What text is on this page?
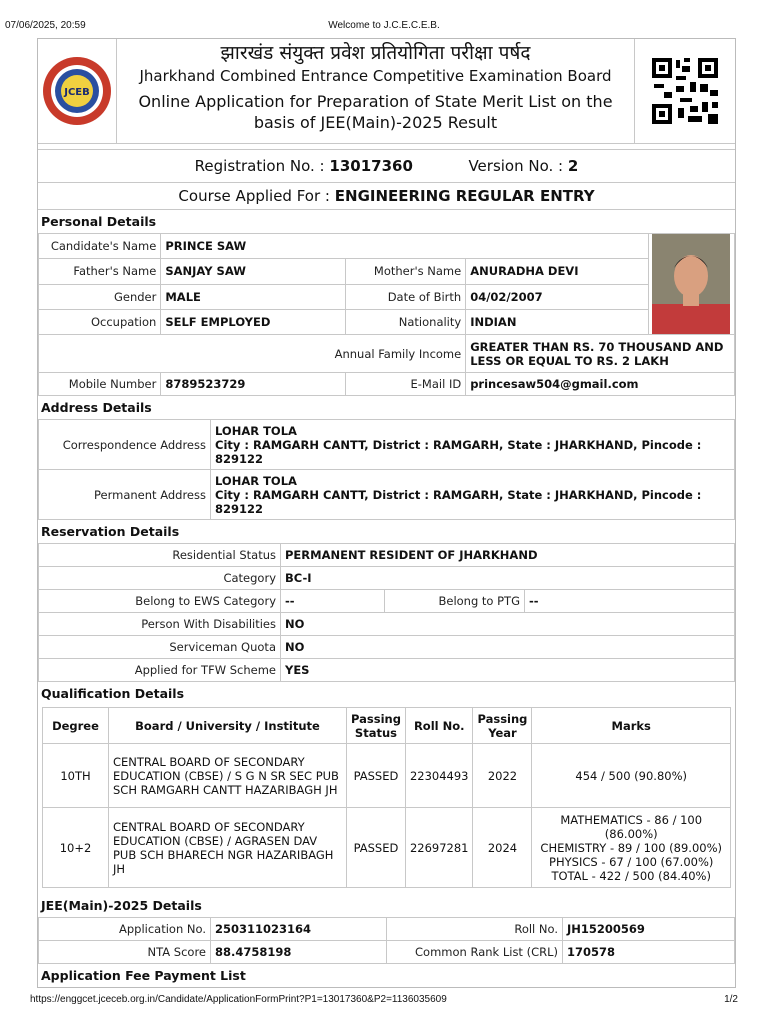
07/06/2025, 20:59	Welcome to J.C.E.C.E.B.
JCEB
झारखंड संयुक्त प्रवेश प्रतियोगिता परीक्षा पर्षद
Jharkhand Combined Entrance Competitive Examination Board
Online Application for Preparation of State Merit List on the
basis of JEE(Main)-2025 Result
Registration No. : 13017360	Version No. : 2
Course Applied For : ENGINEERING REGULAR ENTRY
Personal Details
Candidate's Name	PRINCE SAW	

Father's Name	SANJAY SAW	Mother's Name	ANURADHA DEVI	
Gender	MALE	Date of Birth	04/02/2007	
Occupation	SELF EMPLOYED	Nationality	INDIAN	
Annual Family Income			GREATER THAN RS. 70 THOUSAND AND LESS OR EQUAL TO RS. 2 LAKH	
Mobile Number	8789523729	E-Mail ID	princesaw504@gmail.com	
Address Details
Correspondence Address	LOHAR TOLA
City : RAMGARH CANTT, District : RAMGARH, State : JHARKHAND, Pincode : 829122

Permanent Address	LOHAR TOLA
City : RAMGARH CANTT, District : RAMGARH, State : JHARKHAND, Pincode : 829122
Reservation Details
Residential Status	PERMANENT RESIDENT OF JHARKHAND		
Category	BC-I		
Belong to EWS Category	--	Belong to PTG	--
Person With Disabilities	NO		
Serviceman Quota	NO		
Applied for TFW Scheme	YES		
Qualification Details
Degree	Board / University / Institute	Passing Status	Roll No.	Passing Year	Marks
10TH	CENTRAL BOARD OF SECONDARY EDUCATION (CBSE) / S G N SR SEC PUB SCH RAMGARH CANTT HAZARIBAGH JH	PASSED	22304493	2022	454 / 500 (90.80%)
10+2	CENTRAL BOARD OF SECONDARY EDUCATION (CBSE) / AGRASEN DAV PUB SCH BHARECH NGR HAZARIBAGH JH	PASSED	22697281	2024	MATHEMATICS - 86 / 100
(86.00%)
CHEMISTRY - 89 / 100 (89.00%)
PHYSICS - 67 / 100 (67.00%)
TOTAL - 422 / 500 (84.40%)
JEE(Main)-2025 Details
Application No.	250311023164	Roll No.	JH15200569
NTA Score	88.4758198	Common Rank List (CRL)	170578
Application Fee Payment List
https://enggcet.jceceb.org.in/Candidate/ApplicationFormPrint?P1=13017360&P2=1136035609	1/2
